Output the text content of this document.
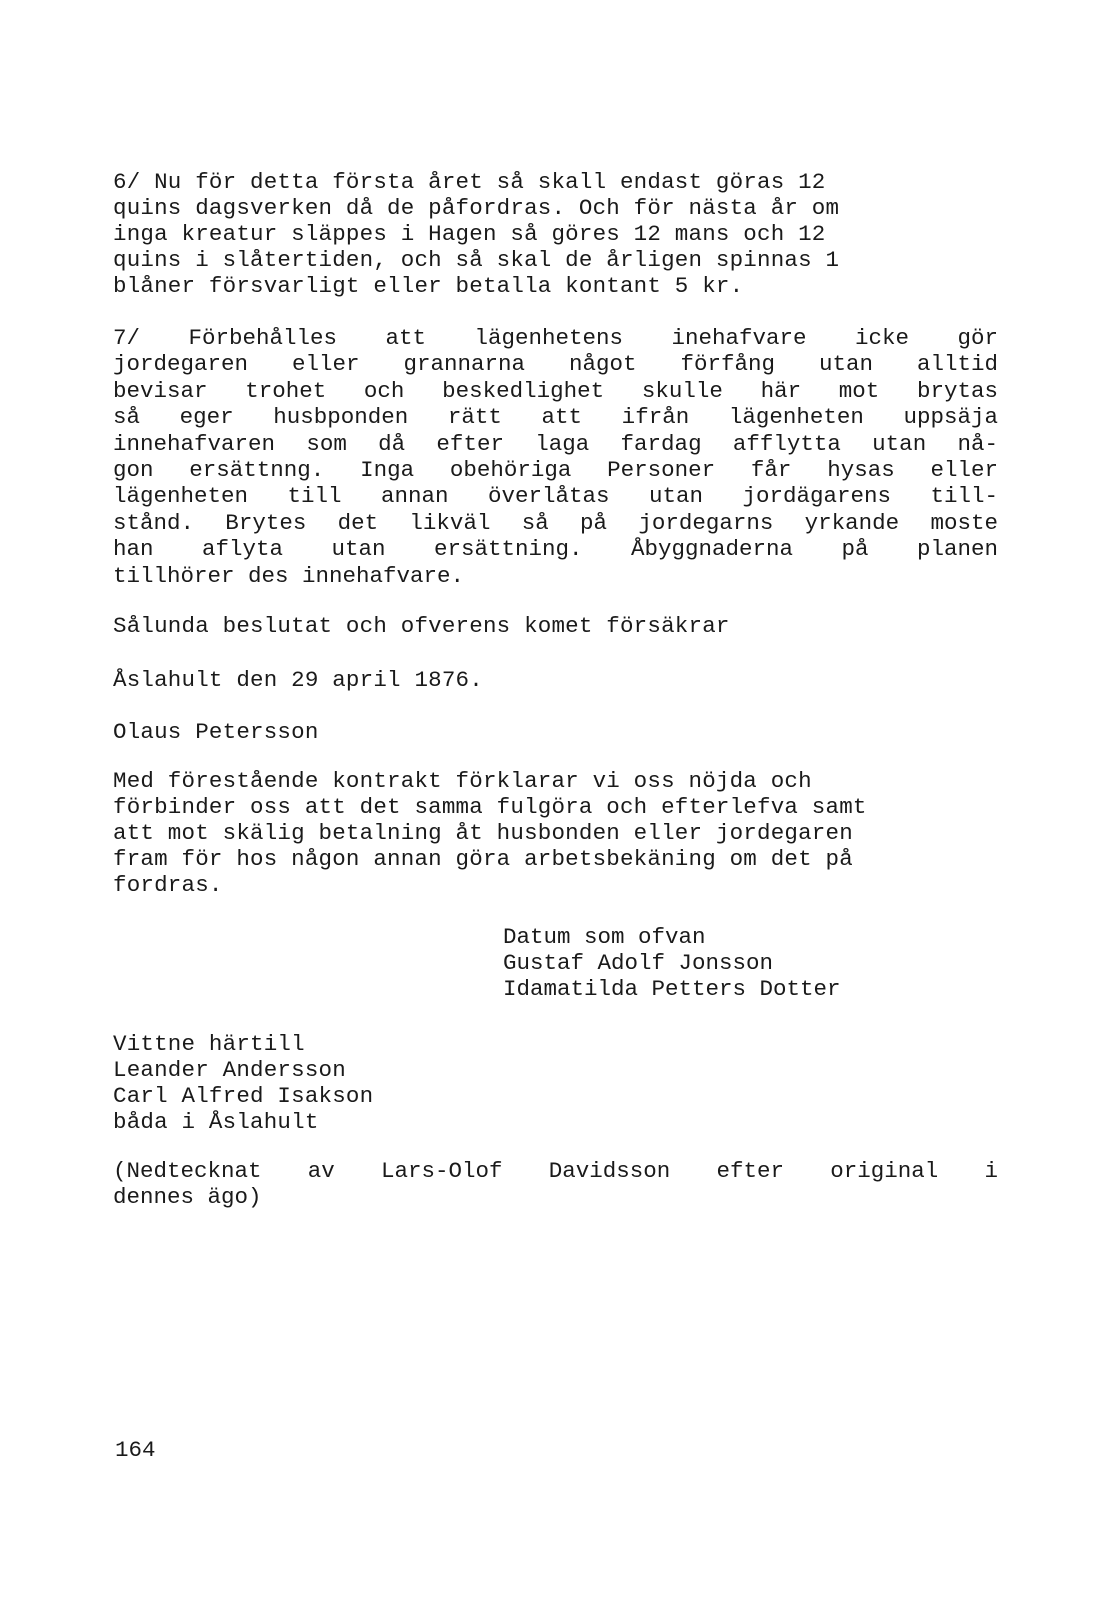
6/ Nu för detta första året så skall endast göras 12
quins dagsverken då de påfordras. Och för nästa år om
inga kreatur släppes i Hagen så göres 12 mans och 12
quins i slåtertiden, och så skal de årligen spinnas 1
blåner försvarligt eller betalla kontant 5 kr.
7/ Förbehålles att lägenhetens inehafvare icke gör
jordegaren eller grannarna något förfång utan alltid
bevisar trohet och beskedlighet skulle här mot brytas
så eger husbponden rätt att ifrån lägenheten uppsäja
innehafvaren som då efter laga fardag afflytta utan nå-
gon ersättnng. Inga obehöriga Personer får hysas eller
lägenheten till annan överlåtas utan jordägarens till-
stånd. Brytes det likväl så på jordegarns yrkande moste
han aflyta utan ersättning. Åbyggnaderna på planen
tillhörer des innehafvare.
Sålunda beslutat och ofverens komet försäkrar
Åslahult den 29 april 1876.
Olaus Petersson
Med förestående kontrakt förklarar vi oss nöjda och
förbinder oss att det samma fulgöra och efterlefva samt
att mot skälig betalning åt husbonden eller jordegaren
fram för hos någon annan göra arbetsbekäning om det på
fordras.
Datum som ofvan
Gustaf Adolf Jonsson
Idamatilda Petters Dotter
Vittne härtill
Leander Andersson
Carl Alfred Isakson
båda i Åslahult
(Nedtecknat av Lars-Olof Davidsson efter original i
dennes ägo)
164
